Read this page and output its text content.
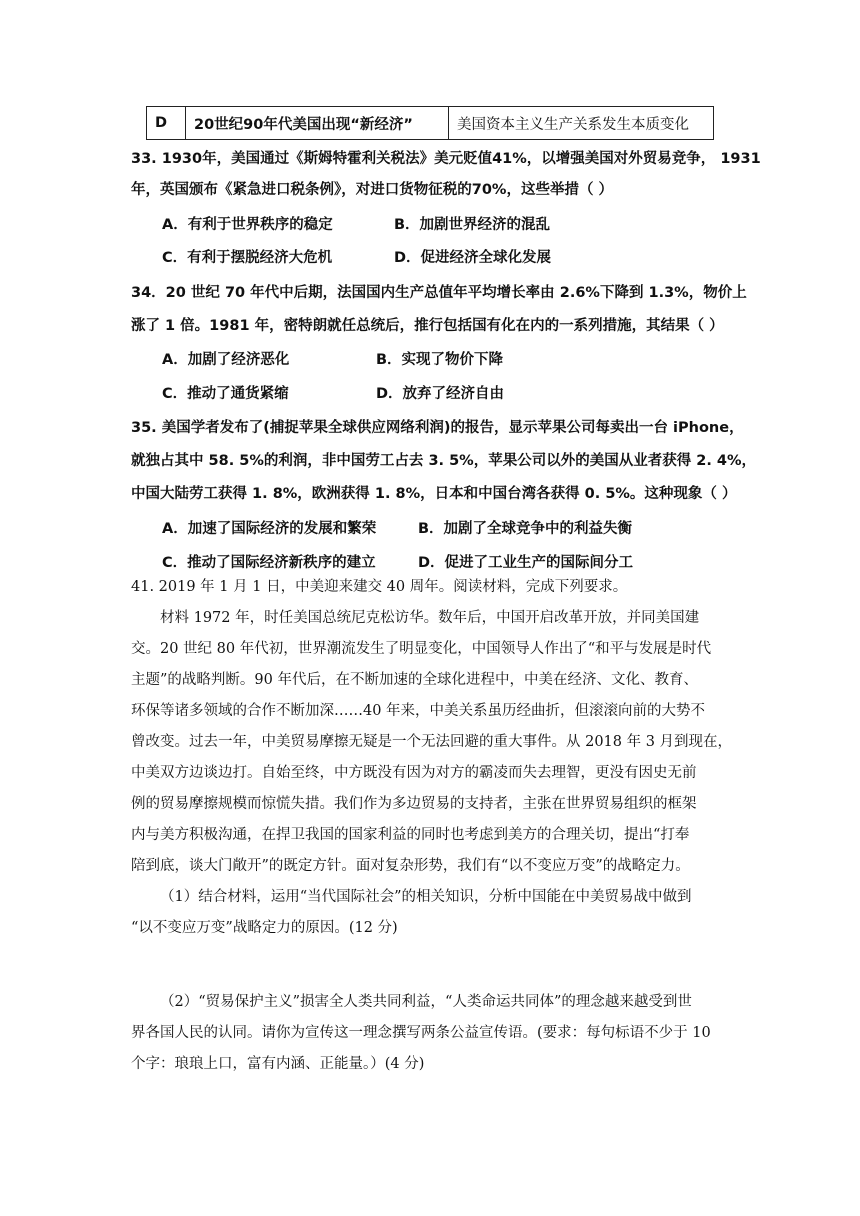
D	20世纪90年代美国出现“新经济”	美国资本主义生产关系发生本质变化
33. 1930年，美国通过《斯姆特霍利关税法》美元贬值41%，以增强美国对外贸易竞争， 1931
年，英国颁布《紧急进口税条例》，对进口货物征税的70%，这些举措（ ）
A．有利于世界秩序的稳定	B．加剧世界经济的混乱
C．有利于摆脱经济大危机	D．促进经济全球化发展
34．20 世纪 70 年代中后期，法国国内生产总值年平均增长率由 2.6%下降到 1.3%，物价上
涨了 1 倍。1981 年，密特朗就任总统后，推行包括国有化在内的一系列措施，其结果（ ）
A．加剧了经济恶化	B．实现了物价下降
C．推动了通货紧缩	D．放弃了经济自由
35. 美国学者发布了(捕捉苹果全球供应网络利润)的报告，显示苹果公司每卖出一台 iPhone，
就独占其中 58. 5%的利润，非中国劳工占去 3. 5%，苹果公司以外的美国从业者获得 2. 4%，
中国大陆劳工获得 1. 8%，欧洲获得 1. 8%，日本和中国台湾各获得 0. 5%。这种现象（ ）
A．加速了国际经济的发展和繁荣	B．加剧了全球竞争中的利益失衡
C．推动了国际经济新秩序的建立	D．促进了工业生产的国际间分工
41. 2019 年 1 月 1 日，中美迎来建交 40 周年。阅读材料，完成下列要求。
材料 1972 年，时任美国总统尼克松访华。数年后，中国开启改革开放，并同美国建
交。20 世纪 80 年代初，世界潮流发生了明显变化，中国领导人作出了“和平与发展是时代
主题”的战略判断。90 年代后，在不断加速的全球化进程中，中美在经济、文化、教育、
环保等诸多领域的合作不断加深……40 年来，中美关系虽历经曲折，但滚滚向前的大势不
曾改变。过去一年，中美贸易摩擦无疑是一个无法回避的重大事件。从 2018 年 3 月到现在，
中美双方边谈边打。自始至终，中方既没有因为对方的霸凌而失去理智，更没有因史无前
例的贸易摩擦规模而惊慌失措。我们作为多边贸易的支持者，主张在世界贸易组织的框架
内与美方积极沟通，在捍卫我国的国家利益的同时也考虑到美方的合理关切，提出“打奉
陪到底，谈大门敞开”的既定方针。面对复杂形势，我们有“以不变应万变”的战略定力。
（1）结合材料，运用“当代国际社会”的相关知识，分析中国能在中美贸易战中做到
“以不变应万变”战略定力的原因。(12 分)
（2）“贸易保护主义”损害全人类共同利益，“人类命运共同体”的理念越来越受到世
界各国人民的认同。请你为宣传这一理念撰写两条公益宣传语。(要求：每句标语不少于 10
个字：琅琅上口，富有内涵、正能量。）(4 分)
